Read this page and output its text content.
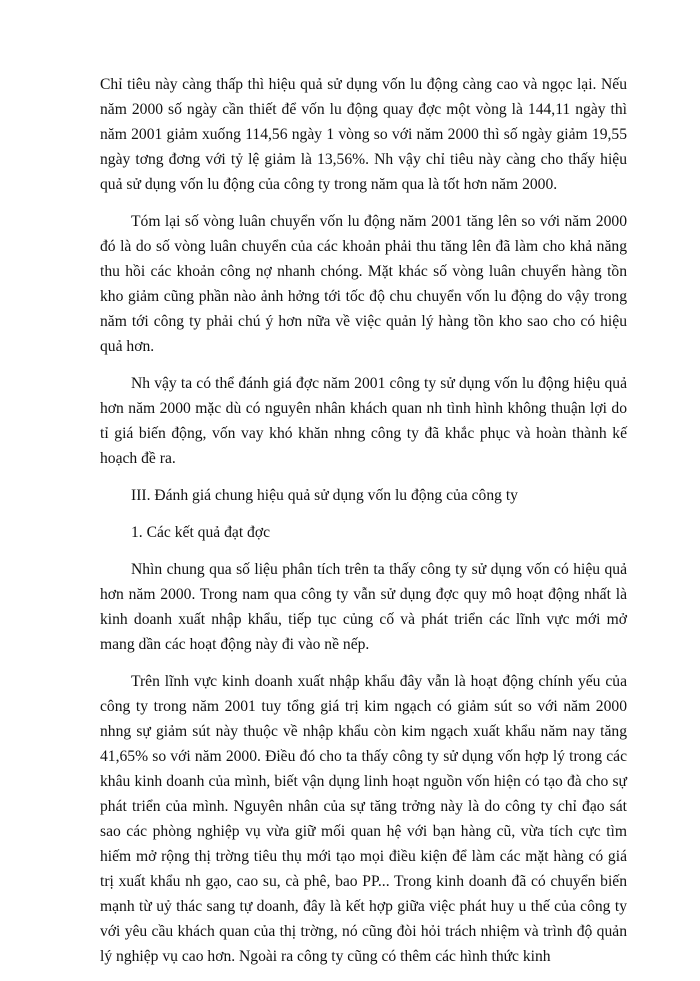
Chỉ tiêu này càng thấp thì hiệu quả sử dụng vốn lu động càng cao và ngọc lại. Nếu năm 2000 số ngày cần thiết để vốn lu động quay đợc một vòng là 144,11 ngày thì năm 2001 giảm xuống 114,56 ngày 1 vòng so với năm 2000 thì số ngày giảm 19,55 ngày tơng đơng với tỷ lệ giảm là 13,56%. Nh vậy chỉ tiêu này càng cho thấy hiệu quả sử dụng vốn lu động của công ty trong năm qua là tốt hơn năm 2000.

Tóm lại số vòng luân chuyển vốn lu động năm 2001 tăng lên so với năm 2000 đó là do số vòng luân chuyển của các khoản phải thu tăng lên đã làm cho khả năng thu hồi các khoản công nợ nhanh chóng. Mặt khác số vòng luân chuyển hàng tồn kho giảm cũng phần nào ảnh hởng tới tốc độ chu chuyển vốn lu động do vậy trong năm tới công ty phải chú ý hơn nữa về việc quản lý hàng tồn kho sao cho có hiệu quả hơn.

Nh vậy ta có thể đánh giá đợc năm 2001 công ty sử dụng vốn lu động hiệu quả hơn năm 2000 mặc dù có nguyên nhân khách quan nh tình hình không thuận lợi do tỉ giá biến động, vốn vay khó khăn nhng công ty đã khắc phục và hoàn thành kế hoạch đề ra.

III. Đánh giá chung hiệu quả sử dụng vốn lu động của công ty

1. Các kết quả đạt đợc

Nhìn chung qua số liệu phân tích trên ta thấy công ty sử dụng vốn có hiệu quả hơn năm 2000. Trong nam qua công ty vẫn sử dụng đợc quy mô hoạt động nhất là kinh doanh xuất nhập khẩu, tiếp tục củng cố và phát triển các lĩnh vực mới mở mang dần các hoạt động này đi vào nề nếp.

Trên lĩnh vực kinh doanh xuất nhập khẩu đây vẫn là hoạt động chính yếu của công ty trong năm 2001 tuy tổng giá trị kim ngạch có giảm sút so với năm 2000 nhng sự giảm sút này thuộc về nhập khẩu còn kim ngạch xuất khẩu năm nay tăng 41,65% so với năm 2000. Điều đó cho ta thấy công ty sử dụng vốn hợp lý trong các khâu kinh doanh của mình, biết vận dụng linh hoạt nguồn vốn hiện có tạo đà cho sự phát triển của mình. Nguyên nhân của sự tăng trởng này là do công ty chỉ đạo sát sao các phòng nghiệp vụ vừa giữ mối quan hệ với bạn hàng cũ, vừa tích cực tìm hiếm mở rộng thị trờng tiêu thụ mới tạo mọi điều kiện để làm các mặt hàng có giá trị xuất khẩu nh gạo, cao su, cà phê, bao PP... Trong kinh doanh đã có chuyển biến mạnh từ uỷ thác sang tự doanh, đây là kết hợp giữa việc phát huy u thế của công ty với yêu cầu khách quan của thị trờng, nó cũng đòi hỏi trách nhiệm và trình độ quản lý nghiệp vụ cao hơn. Ngoài ra công ty cũng có thêm các hình thức kinh
